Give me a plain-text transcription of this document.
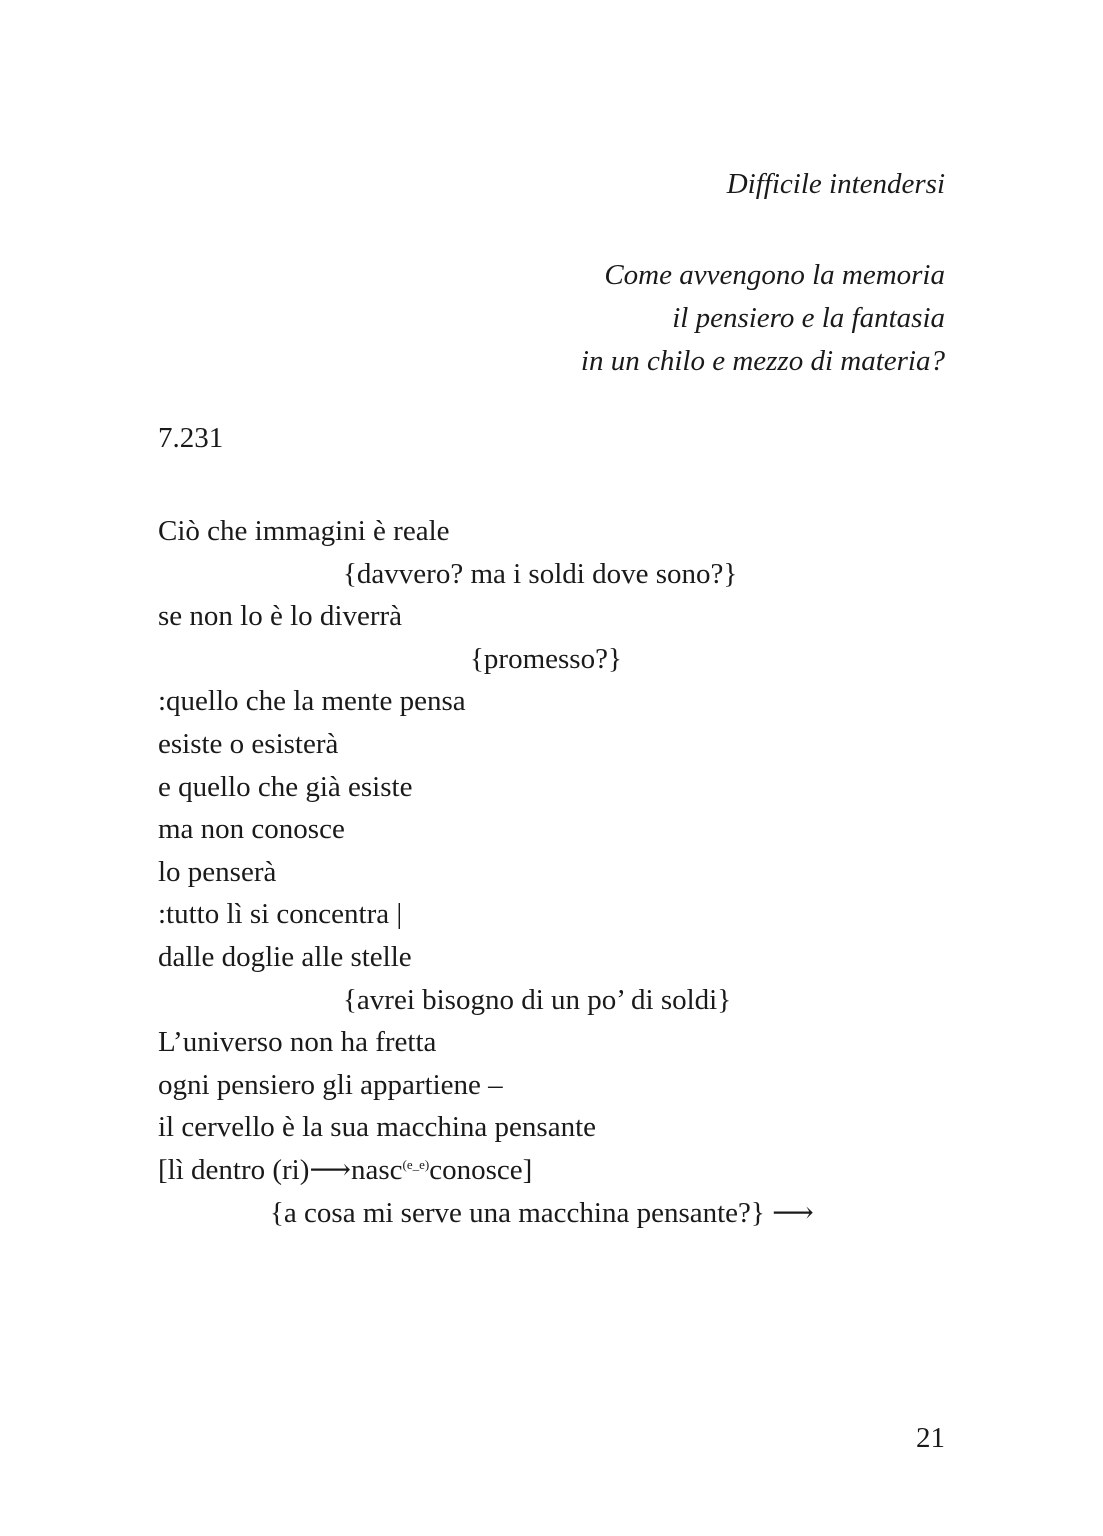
Difficile intendersi
Come avvengono la memoria
il pensiero e la fantasia
in un chilo e mezzo di materia?
7.231
Ciò che immagini è reale
{davvero? ma i soldi dove sono?}
se non lo è lo diverrà
{promesso?}
:quello che la mente pensa
esiste o esisterà
e quello che già esiste
ma non conosce
lo penserà
:tutto lì si concentra |
dalle doglie alle stelle
{avrei bisogno di un po’ di soldi}
L’universo non ha fretta
ogni pensiero gli appartiene –
il cervello è la sua macchina pensante
[lì dentro (ri)⟶nasc$^{(e\_e)}$conosce]
{a cosa mi serve una macchina pensante?} ⟶
21
